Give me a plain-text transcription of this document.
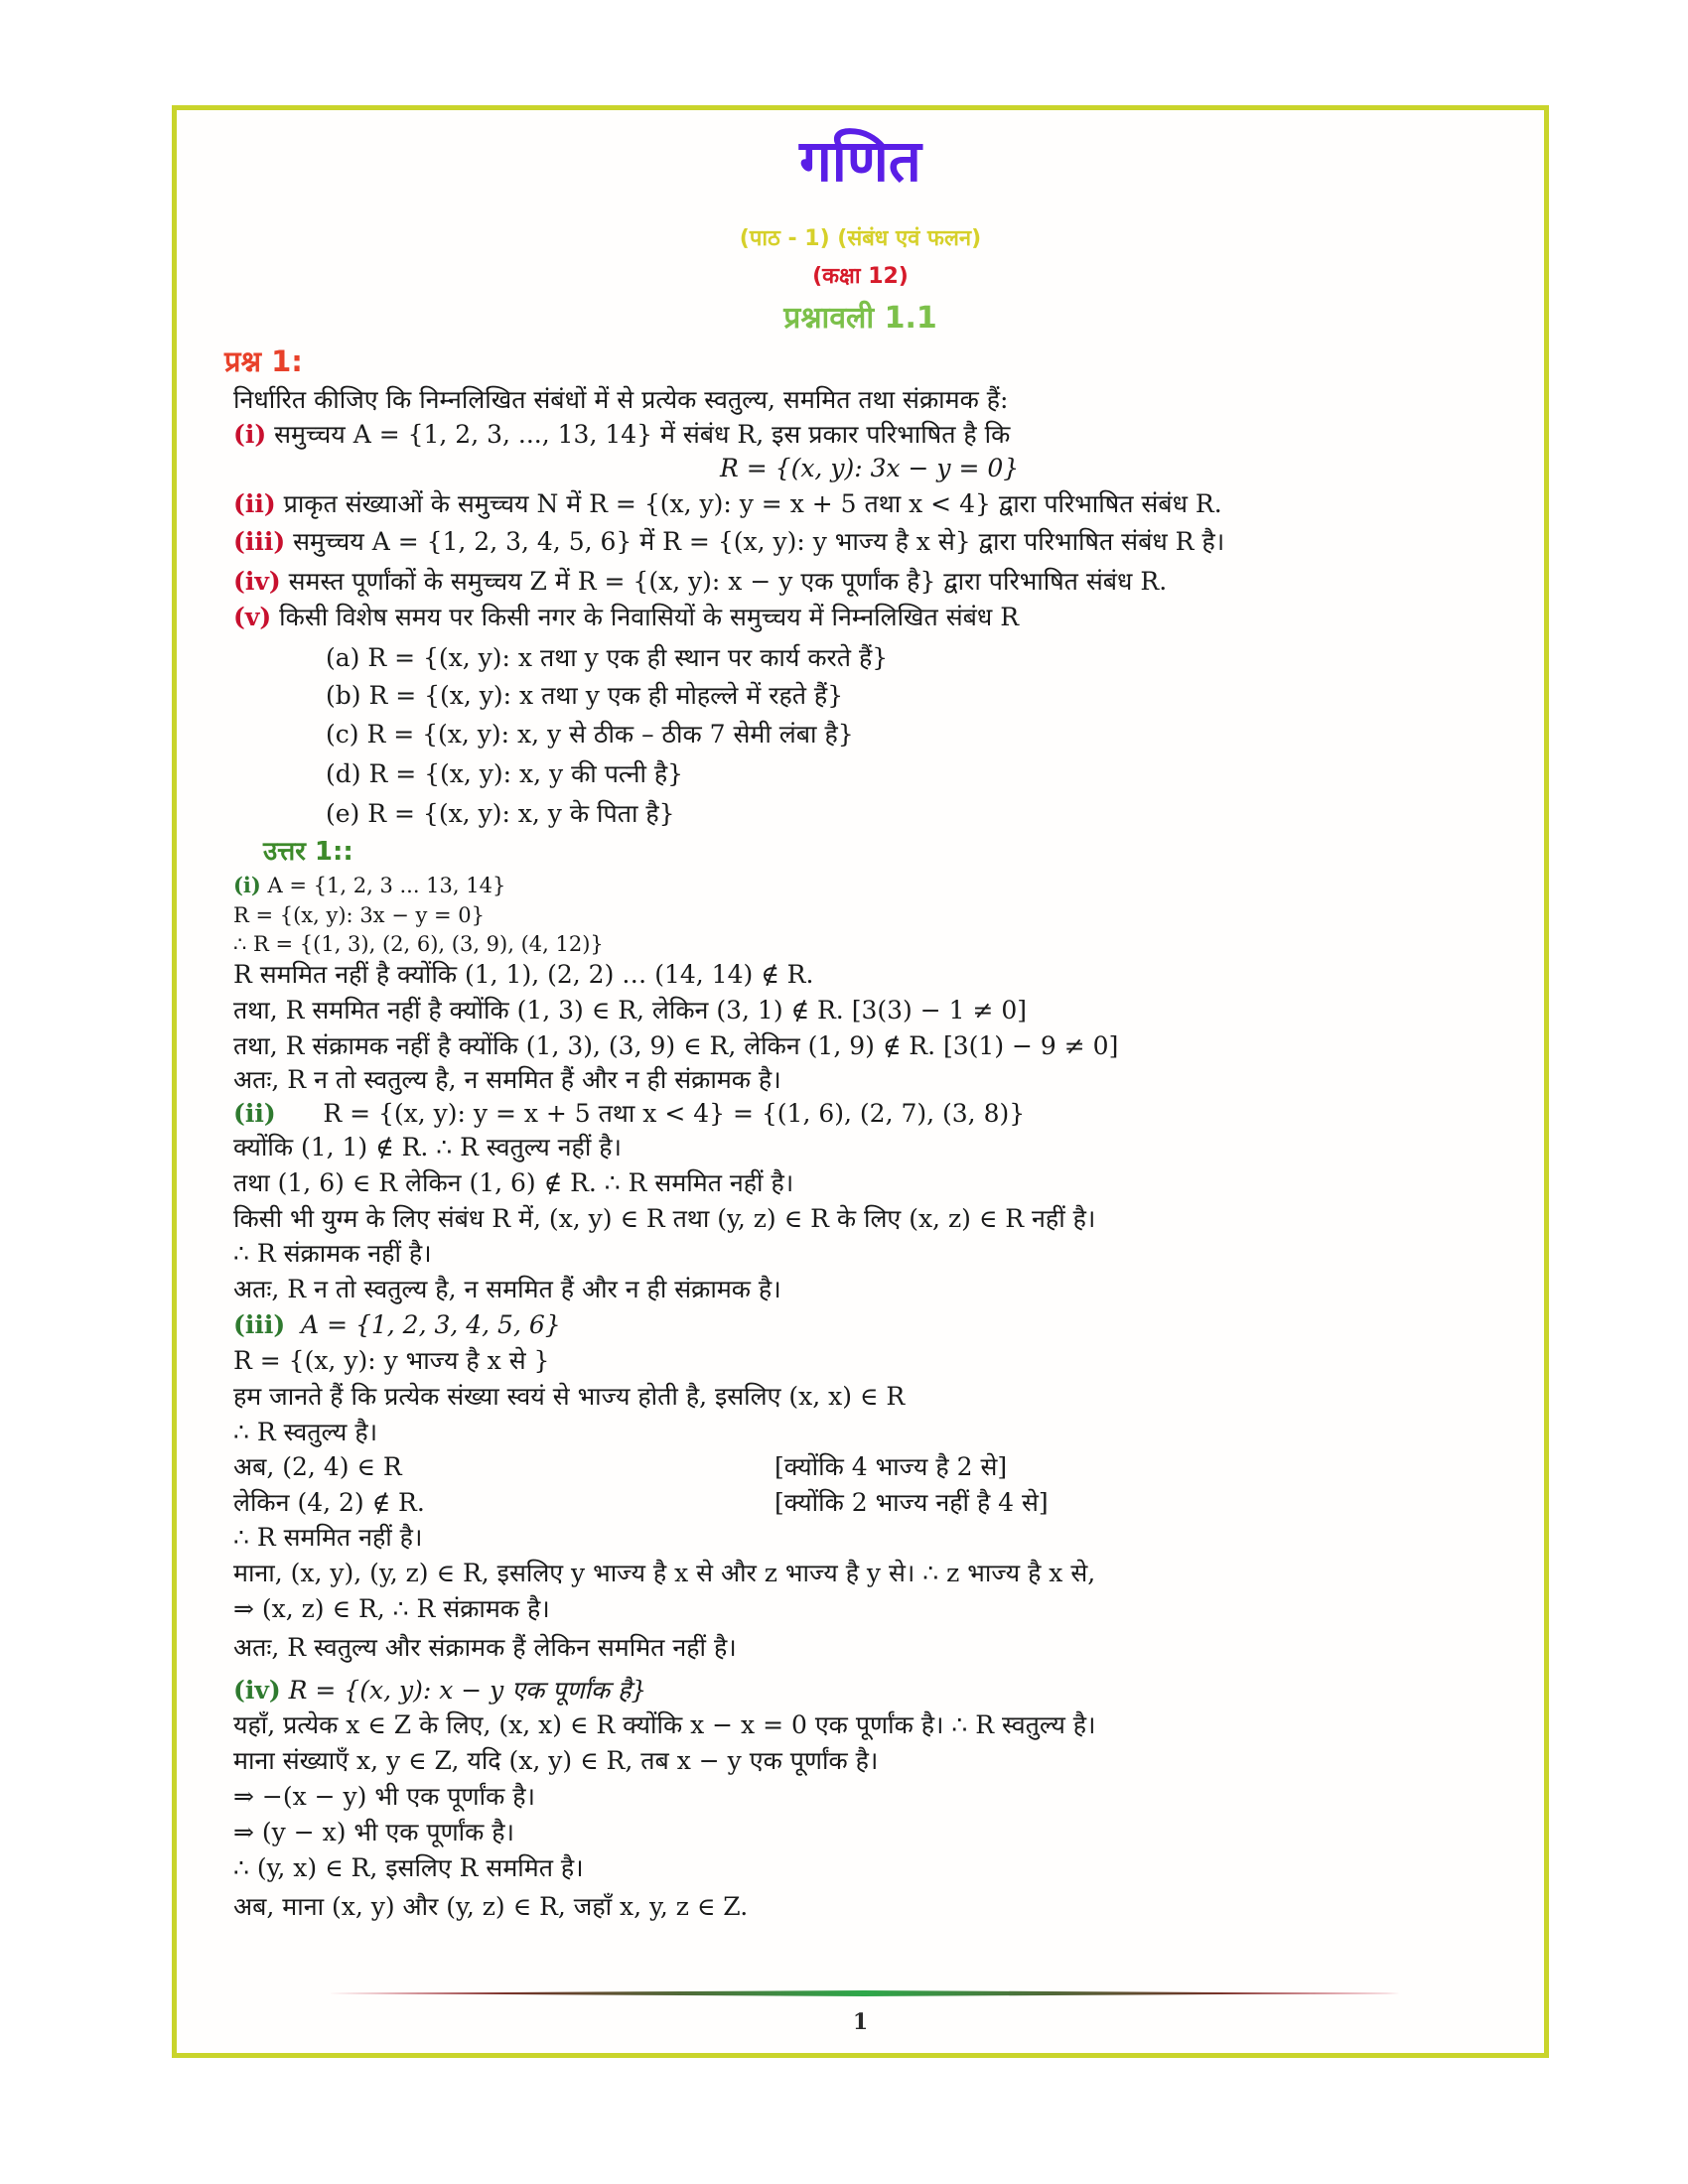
गणित
(पाठ - 1) (संबंध एवं फलन)
(कक्षा 12)
प्रश्नावली 1.1
प्रश्न 1:
निर्धारित कीजिए कि निम्नलिखित संबंधों में से प्रत्येक स्वतुल्य, सममित तथा संक्रामक हैं:
(i) समुच्चय A = {1, 2, 3, ..., 13, 14} में संबंध R, इस प्रकार परिभाषित है कि
R = {(x, y): 3x − y = 0}
(ii) प्राकृत संख्याओं के समुच्चय N में R = {(x, y): y = x + 5 तथा x < 4} द्वारा परिभाषित संबंध R.
(iii) समुच्चय A = {1, 2, 3, 4, 5, 6} में R = {(x, y): y भाज्य है x से} द्वारा परिभाषित संबंध R है।
(iv) समस्त पूर्णांकों के समुच्चय Z में R = {(x, y): x − y एक पूर्णांक है} द्वारा परिभाषित संबंध R.
(v) किसी विशेष समय पर किसी नगर के निवासियों के समुच्चय में निम्नलिखित संबंध R
(a) R = {(x, y): x तथा y एक ही स्थान पर कार्य करते हैं}
(b) R = {(x, y): x तथा y एक ही मोहल्ले में रहते हैं}
(c) R = {(x, y): x, y से ठीक – ठीक 7 सेमी लंबा है}
(d) R = {(x, y): x, y की पत्नी है}
(e) R = {(x, y): x, y के पिता है}
उत्तर 1::
(i) A = {1, 2, 3 ... 13, 14}
R = {(x, y): 3x − y = 0}
∴ R = {(1, 3), (2, 6), (3, 9), (4, 12)}
R सममित नहीं है क्योंकि (1, 1), (2, 2) … (14, 14) ∉ R.
तथा, R सममित नहीं है क्योंकि (1, 3) ∈ R, लेकिन (3, 1) ∉ R. [3(3) − 1 ≠ 0]
तथा, R संक्रामक नहीं है क्योंकि (1, 3), (3, 9) ∈ R, लेकिन (1, 9) ∉ R. [3(1) − 9 ≠ 0]
अतः, R न तो स्वतुल्य है, न सममित हैं और न ही संक्रामक है।
(ii) R = {(x, y): y = x + 5 तथा x < 4} = {(1, 6), (2, 7), (3, 8)}
क्योंकि (1, 1) ∉ R. ∴ R स्वतुल्य नहीं है।
तथा (1, 6) ∈ R लेकिन (1, 6) ∉ R. ∴ R सममित नहीं है।
किसी भी युग्म के लिए संबंध R में, (x, y) ∈ R तथा (y, z) ∈ R के लिए (x, z) ∈ R नहीं है।
∴ R संक्रामक नहीं है।
अतः, R न तो स्वतुल्य है, न सममित हैं और न ही संक्रामक है।
(iii) A = {1, 2, 3, 4, 5, 6}
R = {(x, y): y भाज्य है x से }
हम जानते हैं कि प्रत्येक संख्या स्वयं से भाज्य होती है, इसलिए (x, x) ∈ R
∴ R स्वतुल्य है।
अब, (2, 4) ∈ R	[क्योंकि 4 भाज्य है 2 से]
लेकिन (4, 2) ∉ R.	[क्योंकि 2 भाज्य नहीं है 4 से]
∴ R सममित नहीं है।
माना, (x, y), (y, z) ∈ R, इसलिए y भाज्य है x से और z भाज्य है y से। ∴ z भाज्य है x से,
⇒ (x, z) ∈ R, ∴ R संक्रामक है।
अतः, R स्वतुल्य और संक्रामक हैं लेकिन सममित नहीं है।
(iv) R = {(x, y): x − y एक पूर्णांक है}
यहाँ, प्रत्येक x ∈ Z के लिए, (x, x) ∈ R क्योंकि x − x = 0 एक पूर्णांक है। ∴ R स्वतुल्य है।
माना संख्याएँ x, y ∈ Z, यदि (x, y) ∈ R, तब x − y एक पूर्णांक है।
⇒ −(x − y) भी एक पूर्णांक है।
⇒ (y − x) भी एक पूर्णांक है।
∴ (y, x) ∈ R, इसलिए R सममित है।
अब, माना (x, y) और (y, z) ∈ R, जहाँ x, y, z ∈ Z.
1
